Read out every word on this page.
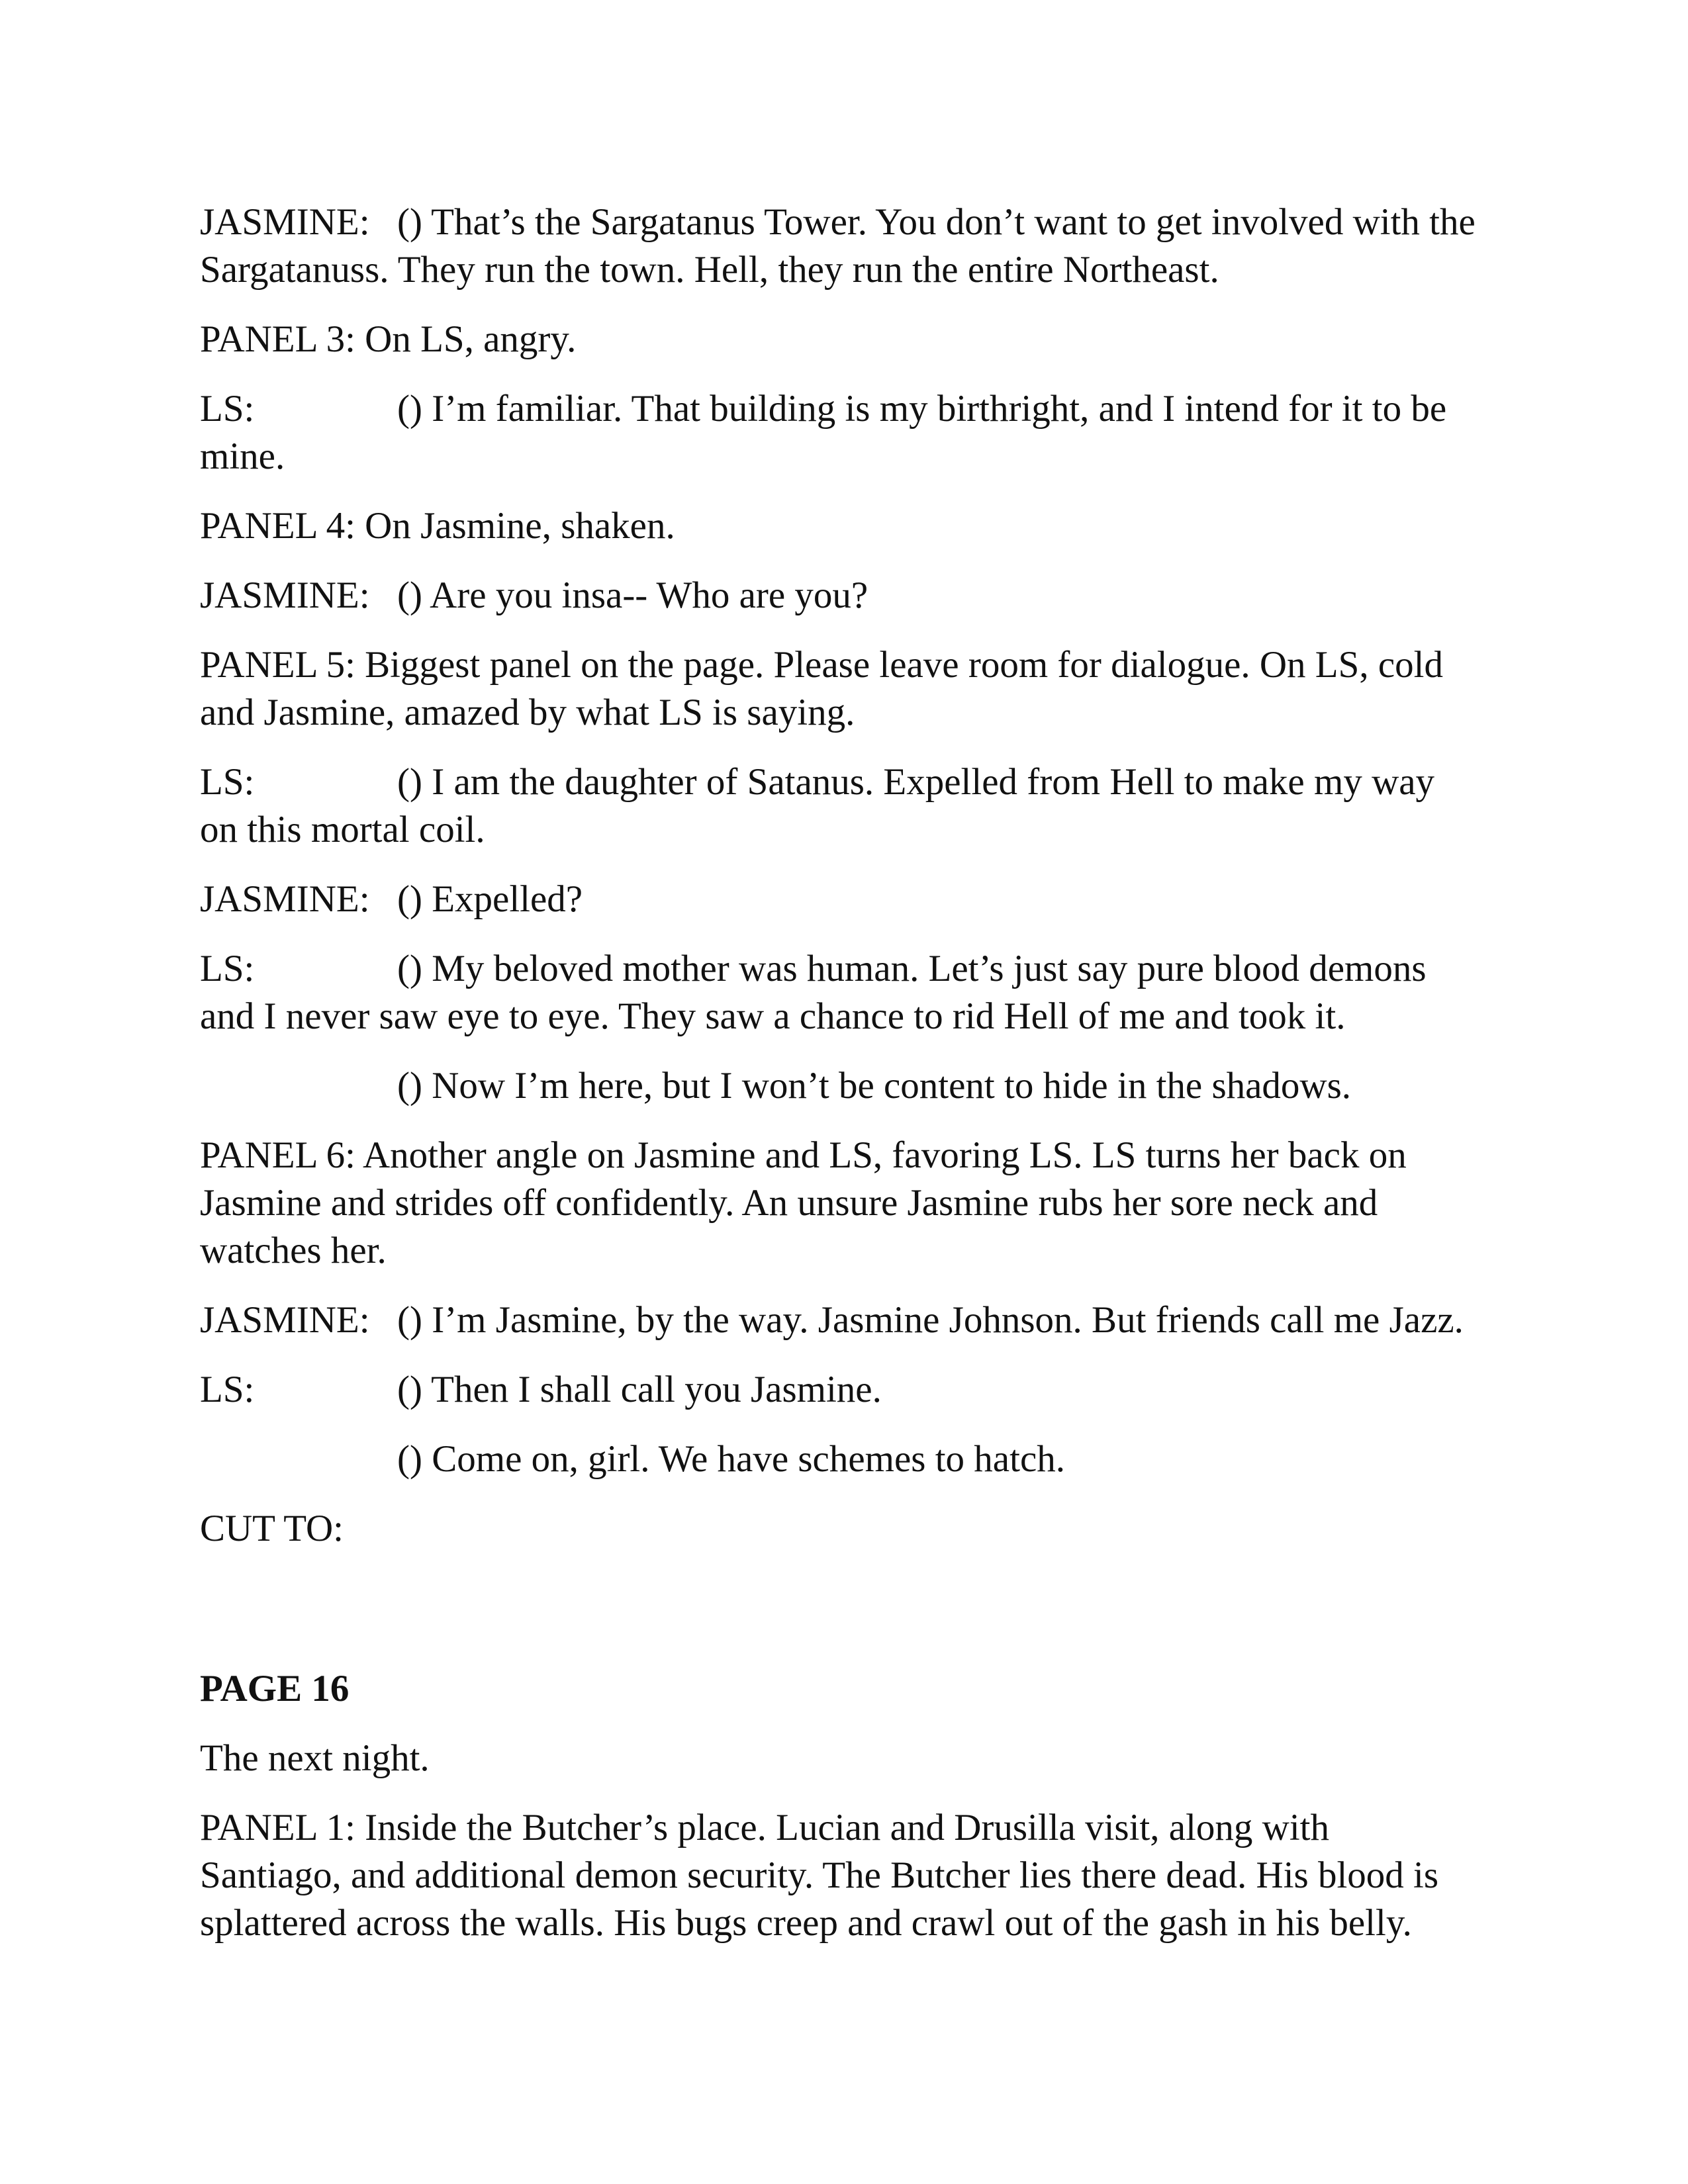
JASMINE: () That’s the Sargatanus Tower. You don’t want to get involved with the Sargatanuss. They run the town. Hell, they run the entire Northeast.

PANEL 3: On LS, angry.

LS:	() I’m familiar. That building is my birthright, and I intend for it to be mine.

PANEL 4: On Jasmine, shaken.

JASMINE: () Are you insa-- Who are you?

PANEL 5: Biggest panel on the page. Please leave room for dialogue. On LS, cold and Jasmine, amazed by what LS is saying.

LS:	() I am the daughter of Satanus. Expelled from Hell to make my way on this mortal coil.

JASMINE: () Expelled?

LS:	() My beloved mother was human. Let’s just say pure blood demons and I never saw eye to eye. They saw a chance to rid Hell of me and took it.

() Now I’m here, but I won’t be content to hide in the shadows.

PANEL 6: Another angle on Jasmine and LS, favoring LS. LS turns her back on Jasmine and strides off confidently. An unsure Jasmine rubs her sore neck and watches her.

JASMINE: () I’m Jasmine, by the way. Jasmine Johnson. But friends call me Jazz.

LS:	() Then I shall call you Jasmine.

() Come on, girl. We have schemes to hatch.

CUT TO:

PAGE 16

The next night.

PANEL 1: Inside the Butcher’s place. Lucian and Drusilla visit, along with Santiago, and additional demon security. The Butcher lies there dead. His blood is splattered across the walls. His bugs creep and crawl out of the gash in his belly.
